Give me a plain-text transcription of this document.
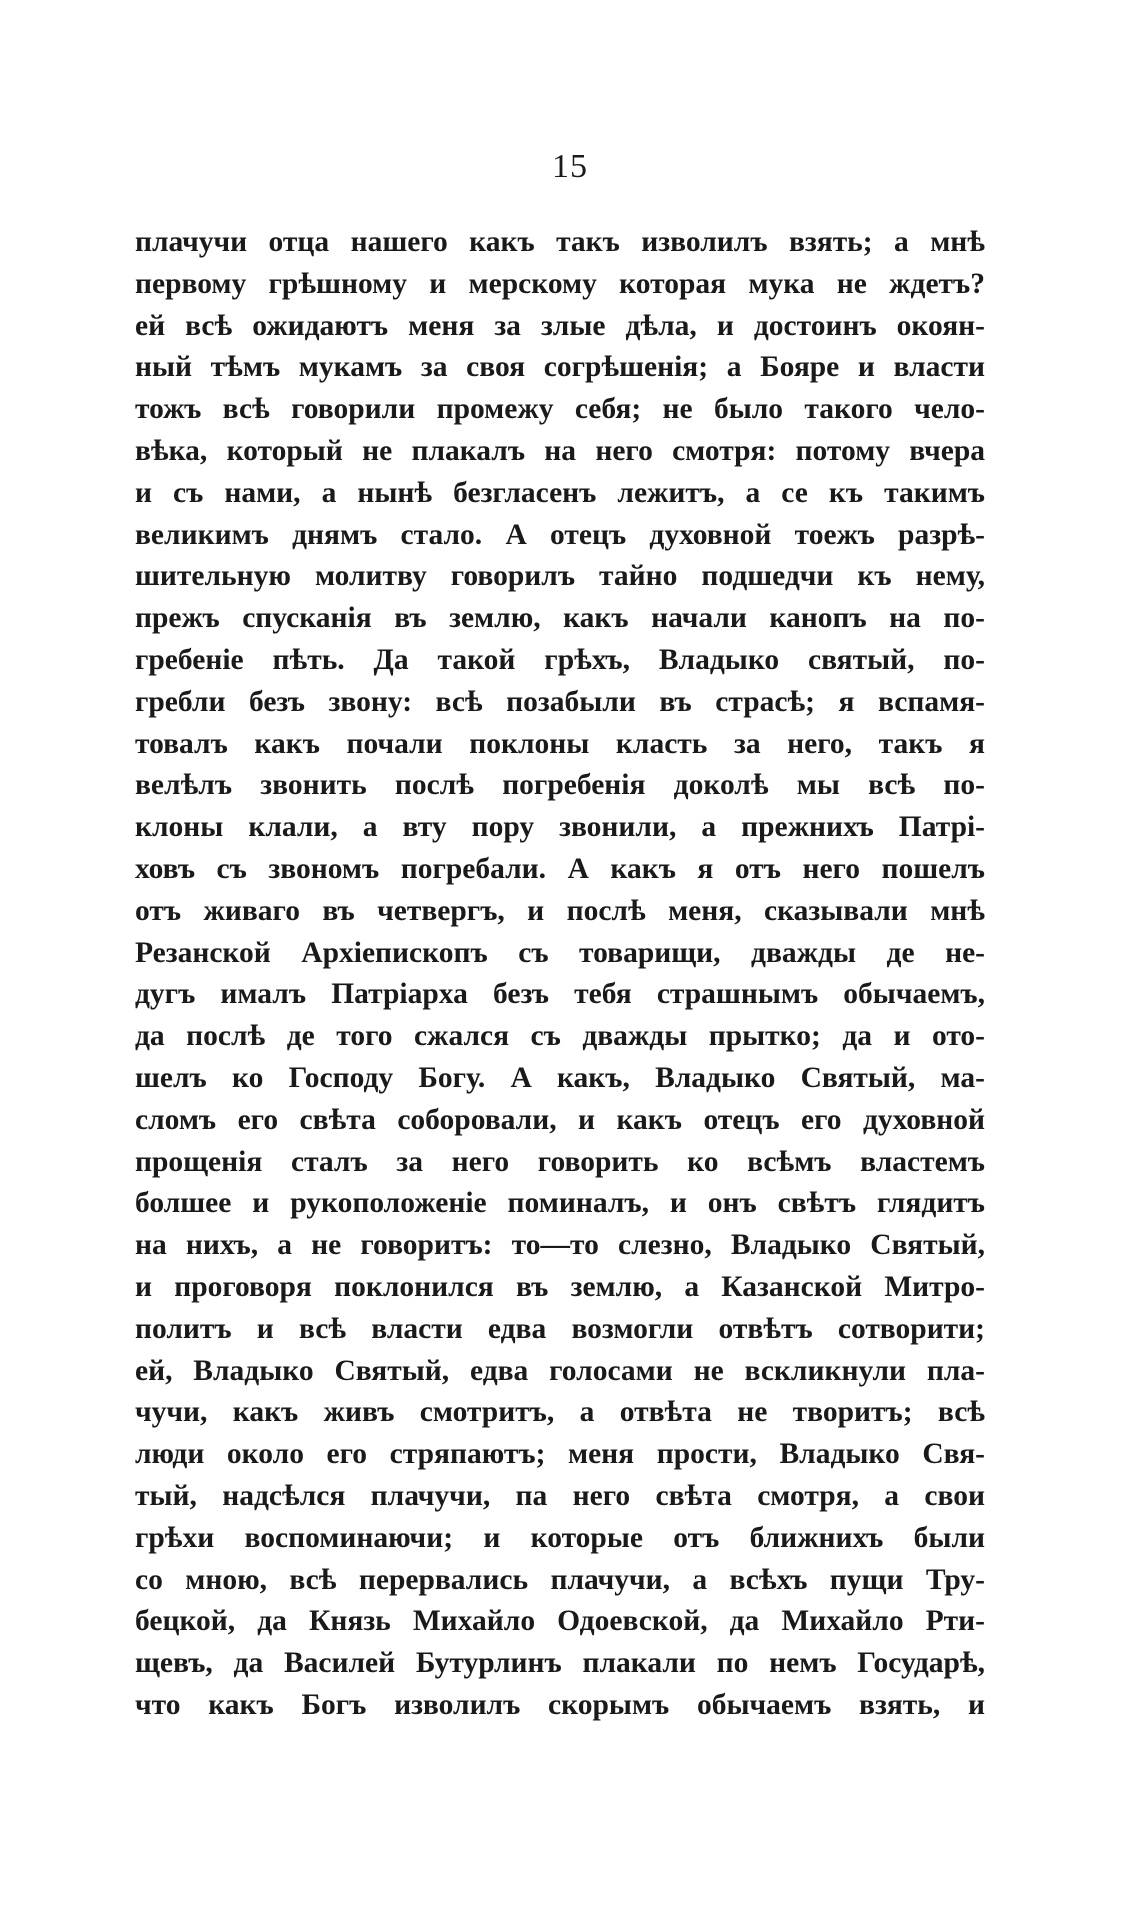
15
плачучи отца нашего какъ такъ изволилъ взять; а мнѣ
первому грѣшному и мерскому которая мука не ждетъ?
ей всѣ ожидаютъ меня за злые дѣла, и достоинъ окоян-
ный тѣмъ мукамъ за своя согрѣшенія; а Бояре и власти
тожъ всѣ говорили промежу себя; не было такого чело-
вѣка, который не плакалъ на него смотря: потому вчера
и съ нами, а нынѣ безгласенъ лежитъ, а се къ такимъ
великимъ днямъ стало. А отецъ духовной тоежъ разрѣ-
шительную молитву говорилъ тайно подшедчи къ нему,
прежъ спусканія въ землю, какъ начали канопъ на по-
гребеніе пѣть. Да такой грѣхъ, Владыко святый, по-
гребли безъ звону: всѣ позабыли въ страсѣ; я вспамя-
товалъ какъ почали поклоны класть за него, такъ я
велѣлъ звонить послѣ погребенія доколѣ мы всѣ по-
клоны клали, а вту пору звонили, а прежнихъ Патрі-
ховъ съ звономъ погребали. А какъ я отъ него пошелъ
отъ живаго въ четвергъ, и послѣ меня, сказывали мнѣ
Резанской Архіепископъ съ товарищи, дважды де не-
дугъ ималъ Патріарха безъ тебя страшнымъ обычаемъ,
да послѣ де того сжался съ дважды прытко; да и ото-
шелъ ко Господу Богу. А какъ, Владыко Святый, ма-
сломъ его свѣта соборовали, и какъ отецъ его духовной
прощенія сталъ за него говорить ко всѣмъ властемъ
болшее и рукоположеніе поминалъ, и онъ свѣтъ глядитъ
на нихъ, а не говоритъ: то—то слезно, Владыко Святый,
и проговоря поклонился въ землю, а Казанской Митро-
политъ и всѣ власти едва возмогли отвѣтъ сотворити;
ей, Владыко Святый, едва голосами не вскликнули пла-
чучи, какъ живъ смотритъ, а отвѣта не творитъ; всѣ
люди около его стряпаютъ; меня прости, Владыко Свя-
тый, надсѣлся плачучи, па него свѣта смотря, а свои
грѣхи воспоминаючи; и которые отъ ближнихъ были
со мною, всѣ перервались плачучи, а всѣхъ пущи Тру-
бецкой, да Князь Михайло Одоевской, да Михайло Рти-
щевъ, да Василей Бутурлинъ плакали по немъ Государѣ,
что какъ Богъ изволилъ скорымъ обычаемъ взять, и
